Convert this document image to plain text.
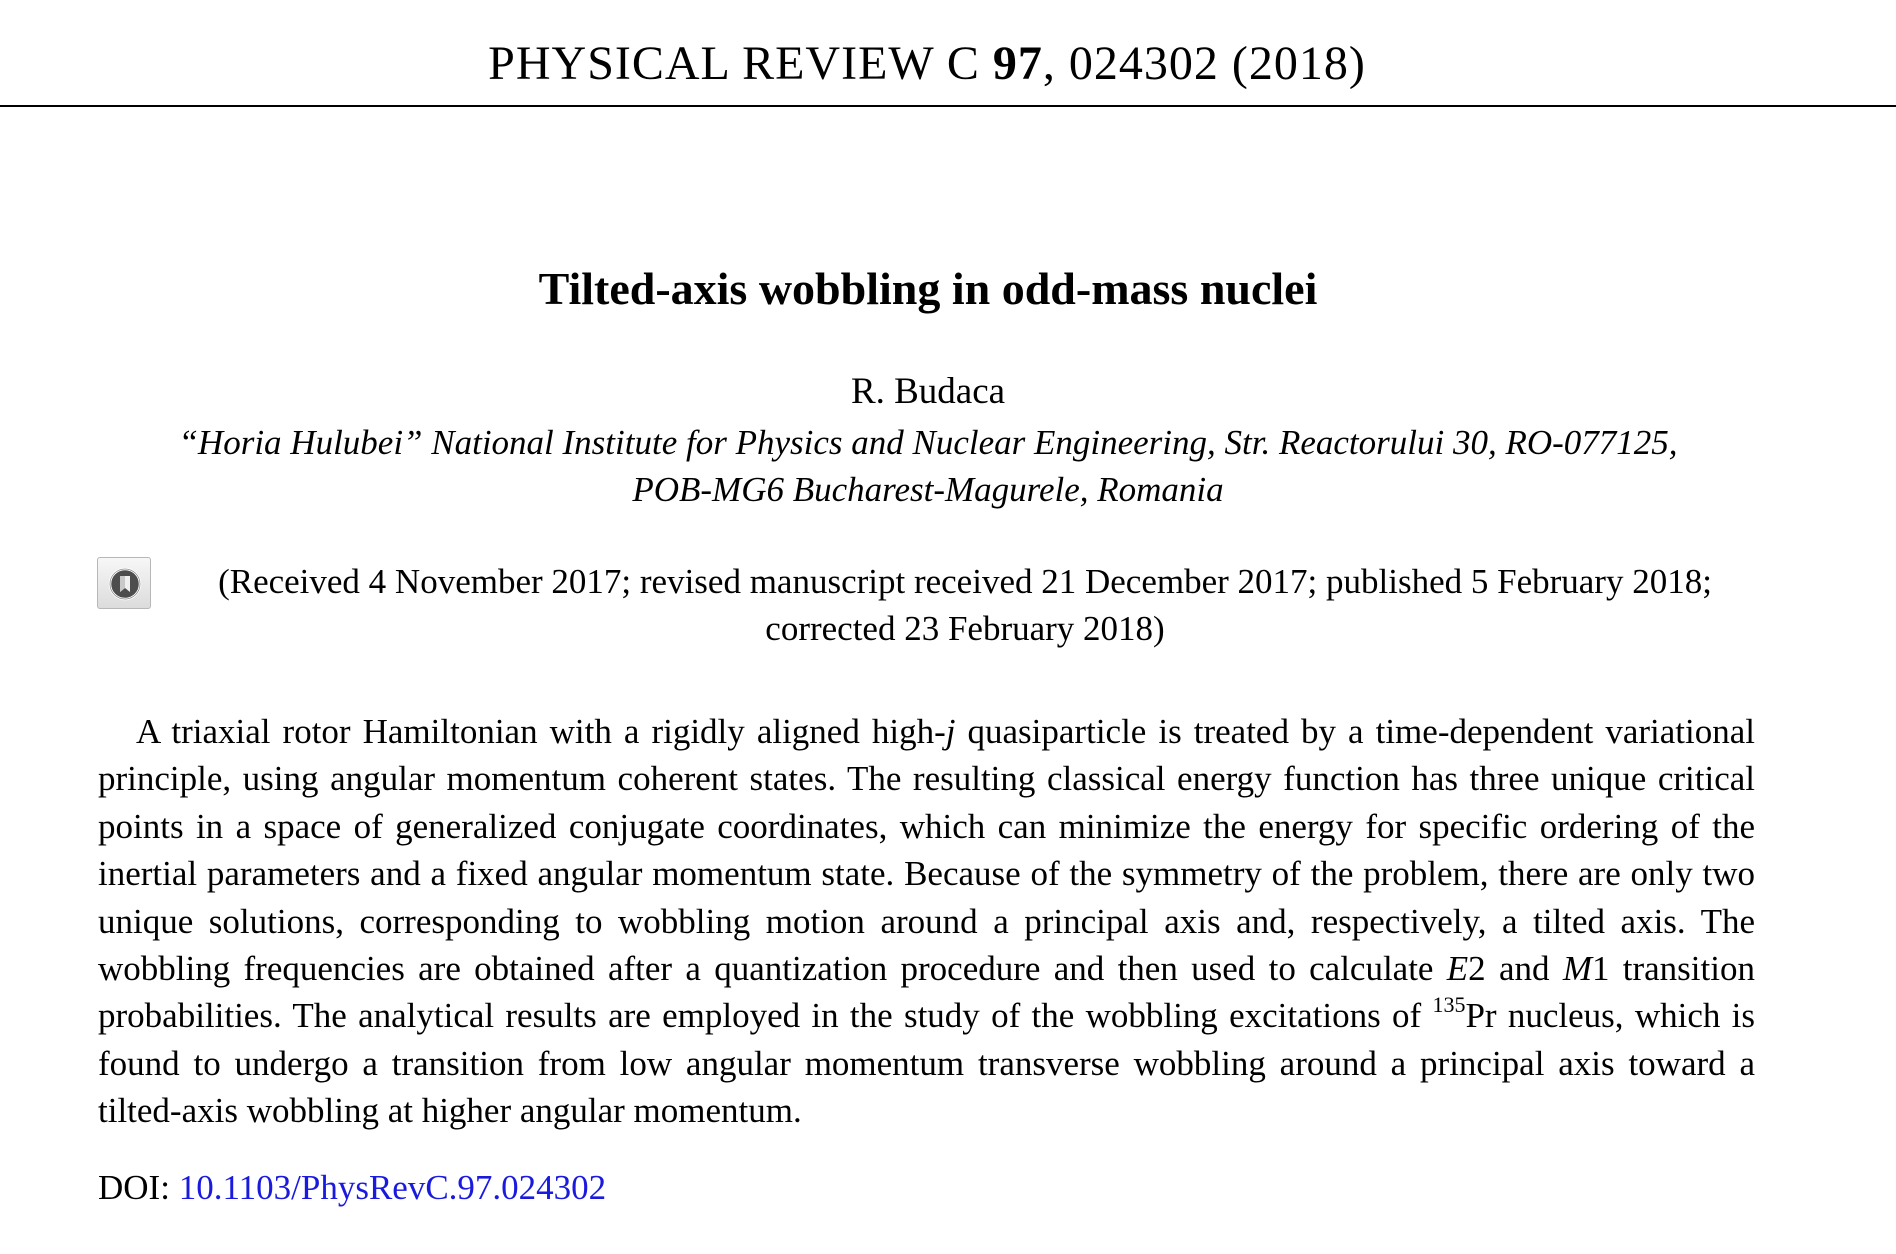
PHYSICAL REVIEW C 97, 024302 (2018)
Tilted-axis wobbling in odd-mass nuclei
R. Budaca
“Horia Hulubei” National Institute for Physics and Nuclear Engineering, Str. Reactorului 30, RO-077125,
POB-MG6 Bucharest-Magurele, Romania
(Received 4 November 2017; revised manuscript received 21 December 2017; published 5 February 2018; corrected 23 February 2018)

A triaxial rotor Hamiltonian with a rigidly aligned high-j quasiparticle is treated by a time-dependent variational principle, using angular momentum coherent states. The resulting classical energy function has three unique critical points in a space of generalized conjugate coordinates, which can minimize the energy for specific ordering of the inertial parameters and a fixed angular momentum state. Because of the symmetry of the problem, there are only two unique solutions, corresponding to wobbling motion around a principal axis and, respectively, a tilted axis. The wobbling frequencies are obtained after a quantization procedure and then used to calculate E2 and M1 transition probabilities. The analytical results are employed in the study of the wobbling excitations of $^{135}$Pr nucleus, which is found to undergo a transition from low angular momentum transverse wobbling around a principal axis toward a tilted-axis wobbling at higher angular momentum.

DOI: 10.1103/PhysRevC.97.024302
